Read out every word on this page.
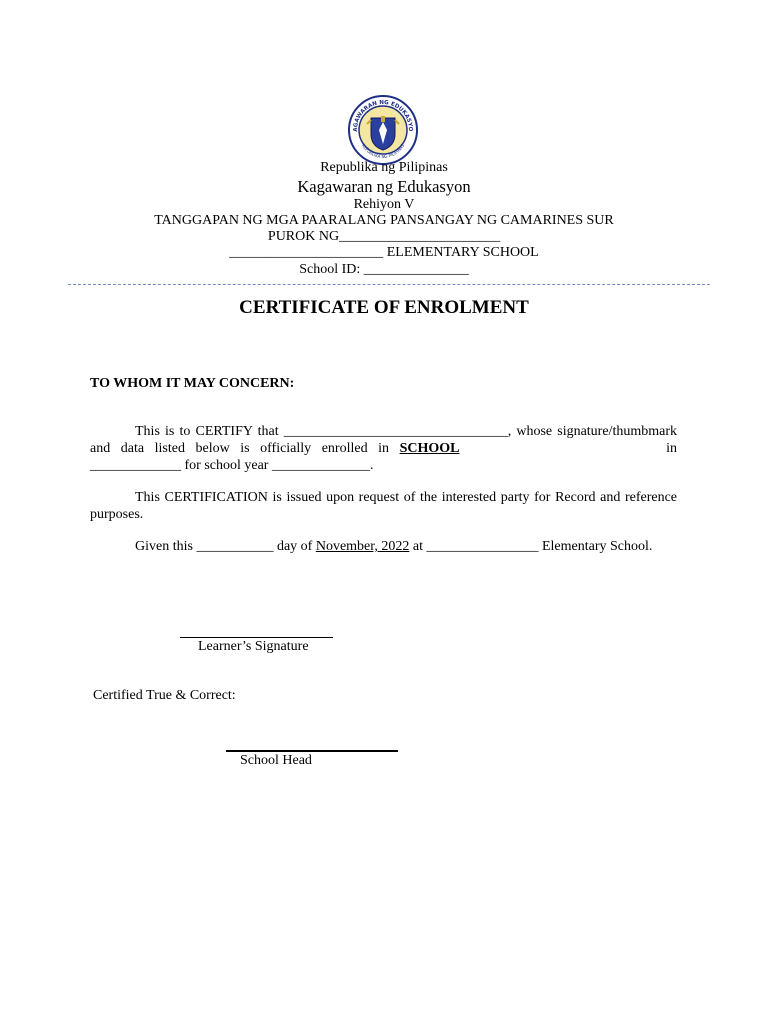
AGAWARAN NG EDUKASYO
REPUBLIKA NG PILIPINAS
Republika ng Pilipinas
Kagawaran ng Edukasyon
Rehiyon V
TANGGAPAN NG MGA PAARALANG PANSANGAY NG CAMARINES SUR
PUROK NG_______________________
______________________ ELEMENTARY SCHOOL
School ID: _______________
CERTIFICATE OF ENROLMENT
TO WHOM IT MAY CONCERN:
This is to CERTIFY that ________________________________, whose signature/thumbmark
and data listed below is officially enrolled in SCHOOL	in
_____________ for school year ______________.
This CERTIFICATION is issued upon request of the interested party for Record and reference
purposes.
Given this ___________ day of November, 2022 at ________________ Elementary School.
Learner’s Signature
Certified True & Correct:
School Head
